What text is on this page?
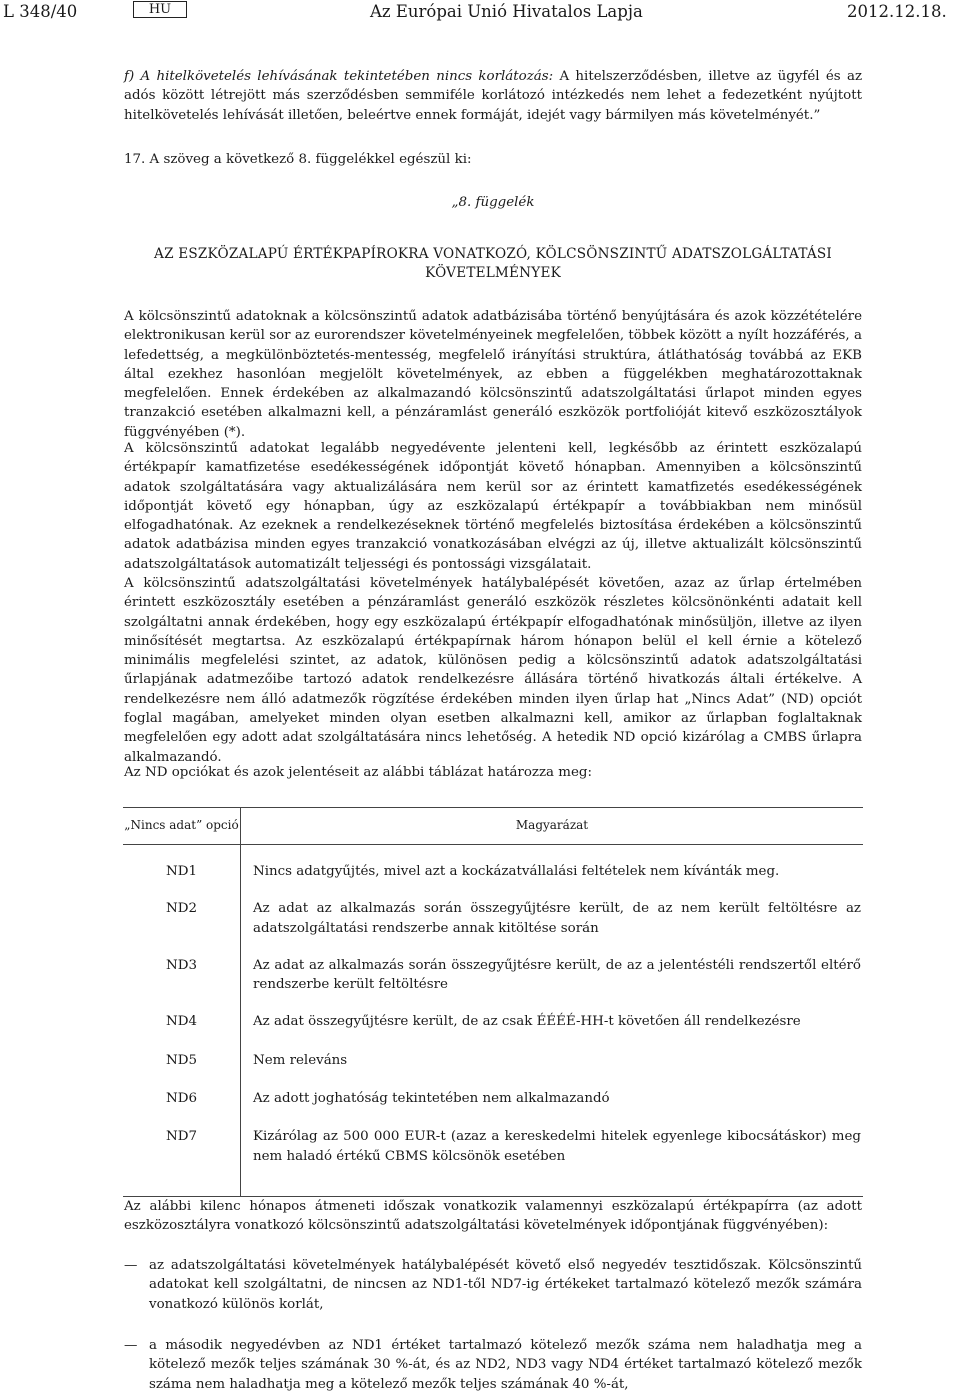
L 348/40	HU	Az Európai Unió Hivatalos Lapja	2012.12.18.
f) A hitelkövetelés lehívásának tekintetében nincs korlátozás: A hitelszerződésben, illetve az ügyfél és az adós között létrejött más szerződésben semmiféle korlátozó intézkedés nem lehet a fedezetként nyújtott hitelkövetelés lehívását illetően, beleértve ennek formáját, idejét vagy bármilyen más követelményét.”
17. A szöveg a következő 8. függelékkel egészül ki:
„8. függelék
AZ ESZKÖZALAPÚ ÉRTÉKPAPÍROKRA VONATKOZÓ, KÖLCSÖNSZINTŰ ADATSZOLGÁLTATÁSI KÖVETELMÉNYEK
A kölcsönszintű adatoknak a kölcsönszintű adatok adatbázisába történő benyújtására és azok közzétételére elektronikusan kerül sor az eurorendszer követelményeinek megfelelően, többek között a nyílt hozzáférés, a lefedettség, a megkülönböztetés-mentesség, megfelelő irányítási struktúra, átláthatóság továbbá az EKB által ezekhez hasonlóan megjelölt követelmények, az ebben a függelékben meghatározottaknak megfelelően. Ennek érdekében az alkalmazandó kölcsönszintű adatszolgáltatási űrlapot minden egyes tranzakció esetében alkalmazni kell, a pénzáramlást generáló eszközök portfolióját kitevő eszközosztályok függvényében (*).
A kölcsönszintű adatokat legalább negyedévente jelenteni kell, legkésőbb az érintett eszközalapú értékpapír kamatfizetése esedékességének időpontját követő hónapban. Amennyiben a kölcsönszintű adatok szolgáltatására vagy aktualizálására nem kerül sor az érintett kamatfizetés esedékességének időpontját követő egy hónapban, úgy az eszközalapú értékpapír a továbbiakban nem minősül elfogadhatónak. Az ezeknek a rendelkezéseknek történő megfelelés biztosítása érdekében a kölcsönszintű adatok adatbázisa minden egyes tranzakció vonatkozásában elvégzi az új, illetve aktualizált kölcsönszintű adatszolgáltatások automatizált teljességi és pontossági vizsgálatait.
A kölcsönszintű adatszolgáltatási követelmények hatálybalépését követően, azaz az űrlap értelmében érintett eszközosztály esetében a pénzáramlást generáló eszközök részletes kölcsönönkénti adatait kell szolgáltatni annak érdekében, hogy egy eszközalapú értékpapír elfogadhatónak minősüljön, illetve az ilyen minősítését megtartsa. Az eszközalapú értékpapírnak három hónapon belül el kell érnie a kötelező minimális megfelelési szintet, az adatok, különösen pedig a kölcsönszintű adatok adatszolgáltatási űrlapjának adatmezőibe tartozó adatok rendelkezésre állására történő hivatkozás általi értékelve. A rendelkezésre nem álló adatmezők rögzítése érdekében minden ilyen űrlap hat „Nincs Adat” (ND) opciót foglal magában, amelyeket minden olyan esetben alkalmazni kell, amikor az űrlapban foglaltaknak megfelelően egy adott adat szolgáltatására nincs lehetőség. A hetedik ND opció kizárólag a CMBS űrlapra alkalmazandó.
Az ND opciókat és azok jelentéseit az alábbi táblázat határozza meg:
„Nincs adat” opció	Magyarázat
ND1	Nincs adatgyűjtés, mivel azt a kockázatvállalási feltételek nem kívánták meg.
ND2	Az adat az alkalmazás során összegyűjtésre került, de az nem került feltöltésre az adatszolgáltatási rendszerbe annak kitöltése során
ND3	Az adat az alkalmazás során összegyűjtésre került, de az a jelentéstéli rendszertől eltérő rendszerbe került feltöltésre
ND4	Az adat összegyűjtésre került, de az csak ÉÉÉÉ-HH-t követően áll rendelkezésre
ND5	Nem releváns
ND6	Az adott joghatóság tekintetében nem alkalmazandó
ND7	Kizárólag az 500 000 EUR-t (azaz a kereskedelmi hitelek egyenlege kibocsátáskor) meg nem haladó értékű CBMS kölcsönök esetében
Az alábbi kilenc hónapos átmeneti időszak vonatkozik valamennyi eszközalapú értékpapírra (az adott eszközosztályra vonatkozó kölcsönszintű adatszolgáltatási követelmények időpontjának függvényében):
— az adatszolgáltatási követelmények hatálybalépését követő első negyedév tesztidőszak. Kölcsönszintű adatokat kell szolgáltatni, de nincsen az ND1-től ND7-ig értékeket tartalmazó kötelező mezők számára vonatkozó különös korlát,
— a második negyedévben az ND1 értéket tartalmazó kötelező mezők száma nem haladhatja meg a kötelező mezők teljes számának 30 %-át, és az ND2, ND3 vagy ND4 értéket tartalmazó kötelező mezők száma nem haladhatja meg a kötelező mezők teljes számának 40 %-át,
